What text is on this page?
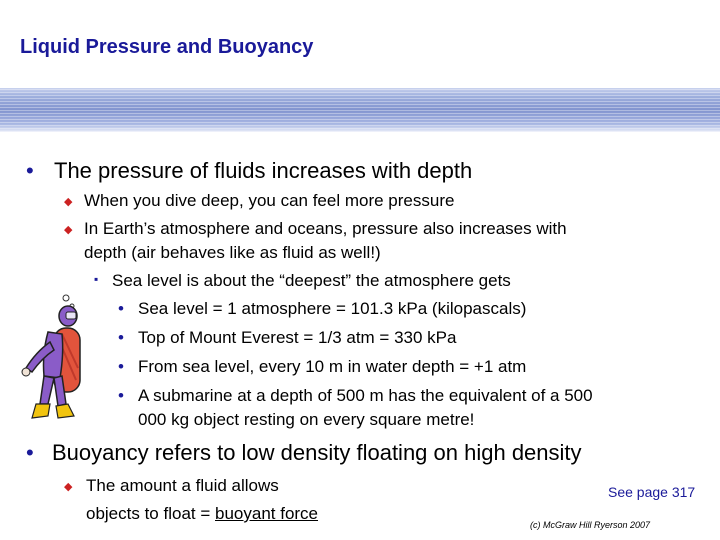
Liquid Pressure and Buoyancy
• The pressure of fluids increases with depth
◆ When you dive deep, you can feel more pressure
◆ In Earth’s atmosphere and oceans, pressure also increases with
depth (air behaves like as fluid as well!)
▪ Sea level is about the “deepest” the atmosphere gets
• Sea level = 1 atmosphere = 101.3 kPa (kilopascals)
• Top of Mount Everest = 1/3 atm = 330 kPa
• From sea level, every 10 m in water depth = +1 atm
• A submarine at a depth of 500 m has the equivalent of a 500
000 kg object resting on every square metre!
• Buoyancy refers to low density floating on high density
◆ The amount a fluid allows
objects to float = buoyant force
See page 317
(c) McGraw Hill Ryerson 2007
